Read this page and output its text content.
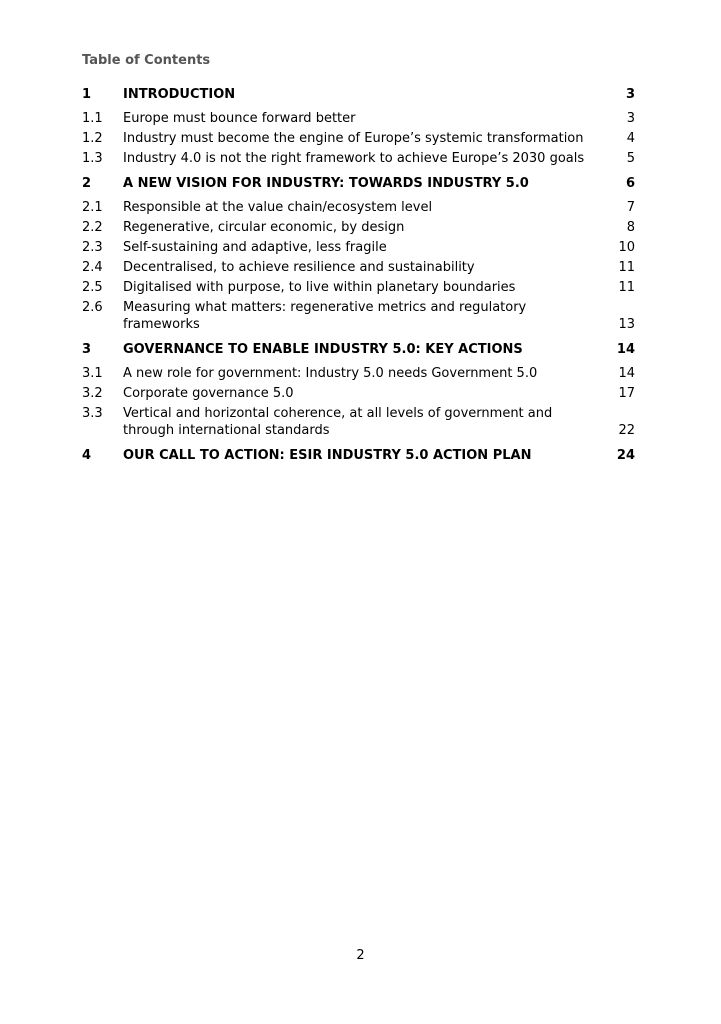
Table of Contents
1	INTRODUCTION	3
1.1	Europe must bounce forward better	3
1.2	Industry must become the engine of Europe’s systemic transformation	4
1.3	Industry 4.0 is not the right framework to achieve Europe’s 2030 goals	5
2	A NEW VISION FOR INDUSTRY: TOWARDS INDUSTRY 5.0	6
2.1	Responsible at the value chain/ecosystem level	7
2.2	Regenerative, circular economic, by design	8
2.3	Self-sustaining and adaptive, less fragile	10
2.4	Decentralised, to achieve resilience and sustainability	11
2.5	Digitalised with purpose, to live within planetary boundaries	11
2.6	Measuring what matters: regenerative metrics and regulatory frameworks	13
3	GOVERNANCE TO ENABLE INDUSTRY 5.0: KEY ACTIONS	14
3.1	A new role for government: Industry 5.0 needs Government 5.0	14
3.2	Corporate governance 5.0	17
3.3	Vertical and horizontal coherence, at all levels of government and through international standards	22
4	OUR CALL TO ACTION: ESIR INDUSTRY 5.0 ACTION PLAN	24
2
